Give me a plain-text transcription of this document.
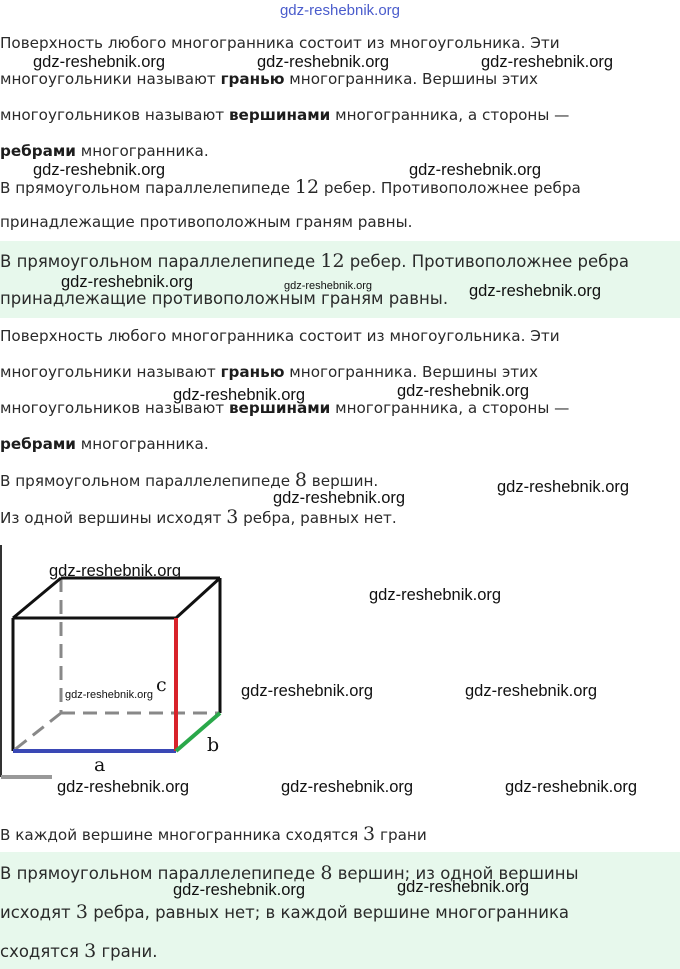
gdz-reshebnik.org
Поверхность любого многогранника состоит из многоугольника. Эти
многоугольники называют гранью многогранника. Вершины этих
многоугольников называют вершинами многогранника, а стороны —
ребрами многогранника.
В прямоугольном параллелепипеде 12 ребер. Противоположнее ребра
принадлежащие противоположным граням равны.
В прямоугольном параллелепипеде 12 ребер. Противоположнее ребра
принадлежащие противоположным граням равны.
Поверхность любого многогранника состоит из многоугольника. Эти
многоугольники называют гранью многогранника. Вершины этих
многоугольников называют вершинами многогранника, а стороны —
ребрами многогранника.
В прямоугольном параллелепипеде 8 вершин.
Из одной вершины исходят 3 ребра, равных нет.
a
b
c
В каждой вершине многогранника сходятся 3 грани
В прямоугольном параллелепипеде 8 вершин; из одной вершины
исходят 3 ребра, равных нет; в каждой вершине многогранника
сходятся 3 грани.
gdz-reshebnik.org	gdz-reshebnik.org	gdz-reshebnik.org
gdz-reshebnik.org	gdz-reshebnik.org
gdz-reshebnik.org	gdz-reshebnik.org	gdz-reshebnik.org
gdz-reshebnik.org	gdz-reshebnik.org
gdz-reshebnik.org
gdz-reshebnik.org
gdz-reshebnik.org
gdz-reshebnik.org
gdz-reshebnik.org	gdz-reshebnik.org	gdz-reshebnik.org
gdz-reshebnik.org	gdz-reshebnik.org	gdz-reshebnik.org
gdz-reshebnik.org	gdz-reshebnik.org
